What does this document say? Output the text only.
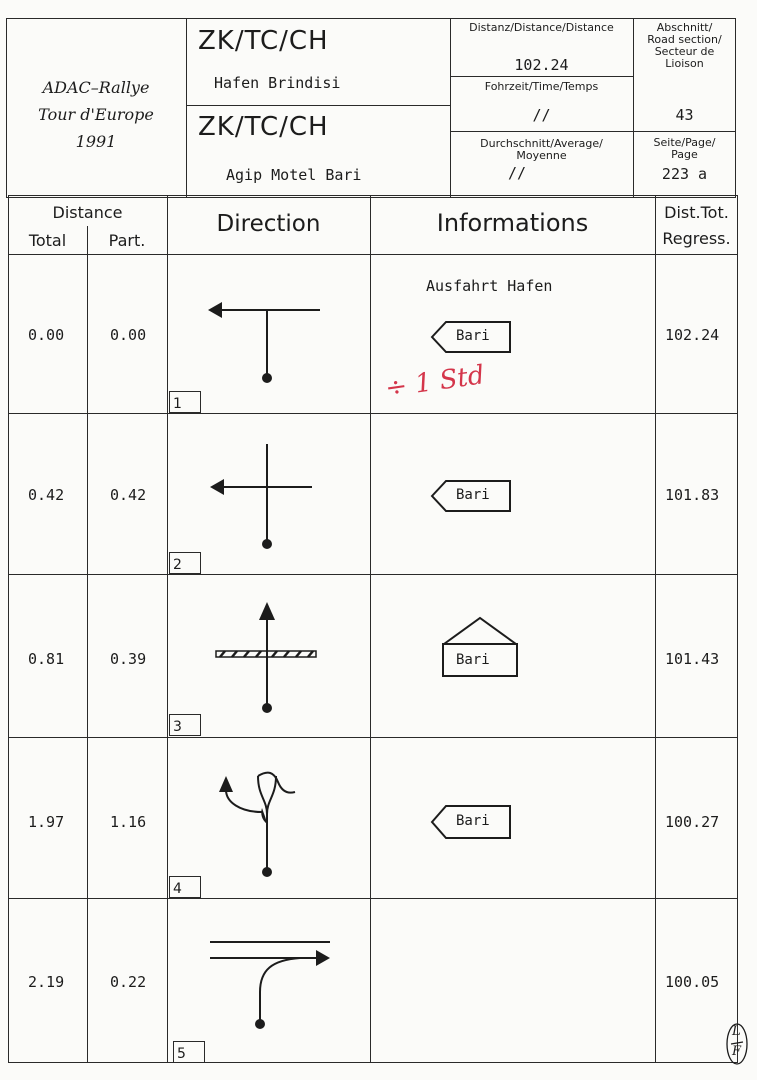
ADAC–Rallye
Tour d'Europe
1991
ZK/TC/CH
Hafen Brindisi
ZK/TC/CH
Agip Motel Bari
Distanz/Distance/Distance
102.24
Fohrzeit/Time/Temps
//
Durchschnitt/Average/
Moyenne
//
Abschnitt/
Road section/
Secteur de
Lioison
43
Seite/Page/
Page
223 a
Distance
Total	Part.
Direction	Informations	Dist.Tot.
Regress.
0.00	0.00	102.24
1
Ausfahrt Hafen
Bari
÷ 1 Std
0.42	0.42	101.83
2
Bari
0.81	0.39	101.43
3
Bari
1.97	1.16	100.27
4
Bari
2.19	0.22	100.05
5
L
F
